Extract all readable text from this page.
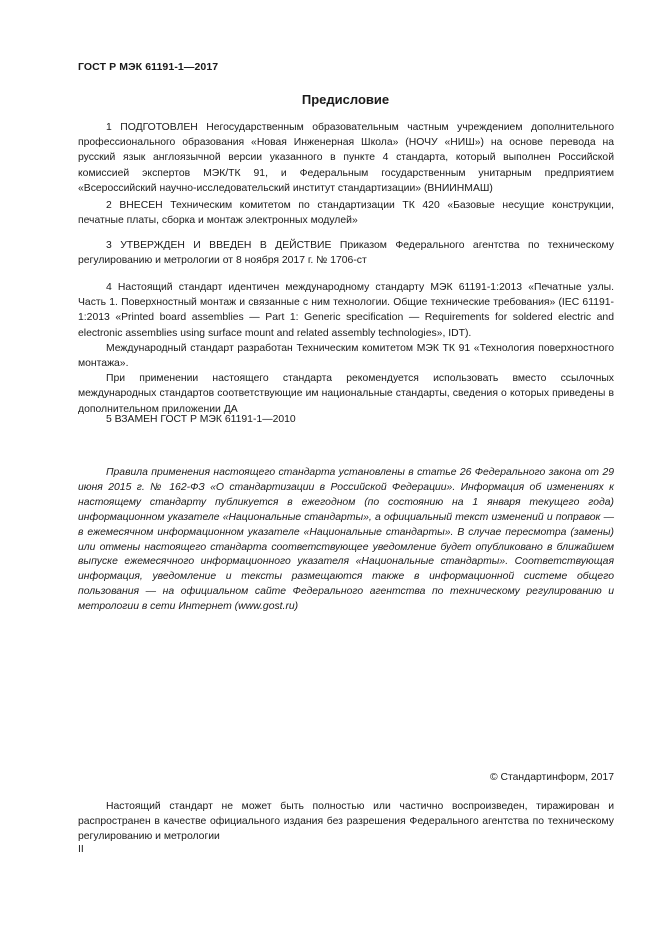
ГОСТ Р МЭК 61191-1—2017
Предисловие

1 ПОДГОТОВЛЕН Негосударственным образовательным частным учреждением дополнительного профессионального образования «Новая Инженерная Школа» (НОЧУ «НИШ») на основе перевода на русский язык англоязычной версии указанного в пункте 4 стандарта, который выполнен Российской комиссией экспертов МЭК/ТК 91, и Федеральным государственным унитарным предприятием «Всероссийский научно-исследовательский институт стандартизации» (ВНИИНМАШ)

2 ВНЕСЕН Техническим комитетом по стандартизации ТК 420 «Базовые несущие конструкции, печатные платы, сборка и монтаж электронных модулей»

3 УТВЕРЖДЕН И ВВЕДЕН В ДЕЙСТВИЕ Приказом Федерального агентства по техническому регулированию и метрологии от 8 ноября 2017 г. № 1706-ст

4 Настоящий стандарт идентичен международному стандарту МЭК 61191-1:2013 «Печатные узлы. Часть 1. Поверхностный монтаж и связанные с ним технологии. Общие технические требования» (IEC 61191-1:2013 «Printed board assemblies — Part 1: Generic specification — Requirements for soldered electric and electronic assemblies using surface mount and related assembly technologies», IDT).

Международный стандарт разработан Техническим комитетом МЭК ТК 91 «Технология поверхностного монтажа».

При применении настоящего стандарта рекомендуется использовать вместо ссылочных международных стандартов соответствующие им национальные стандарты, сведения о которых приведены в дополнительном приложении ДА

5 ВЗАМЕН ГОСТ Р МЭК 61191-1—2010

Правила применения настоящего стандарта установлены в статье 26 Федерального закона от 29 июня 2015 г. № 162-ФЗ «О стандартизации в Российской Федерации». Информация об изменениях к настоящему стандарту публикуется в ежегодном (по состоянию на 1 января текущего года) информационном указателе «Национальные стандарты», а официальный текст изменений и поправок — в ежемесячном информационном указателе «Национальные стандарты». В случае пересмотра (замены) или отмены настоящего стандарта соответствующее уведомление будет опубликовано в ближайшем выпуске ежемесячного информационного указателя «Национальные стандарты». Соответствующая информация, уведомление и тексты размещаются также в информационной системе общего пользования — на официальном сайте Федерального агентства по техническому регулированию и метрологии в сети Интернет (www.gost.ru)

© Стандартинформ, 2017

Настоящий стандарт не может быть полностью или частично воспроизведен, тиражирован и распространен в качестве официального издания без разрешения Федерального агентства по техническому регулированию и метрологии

II
